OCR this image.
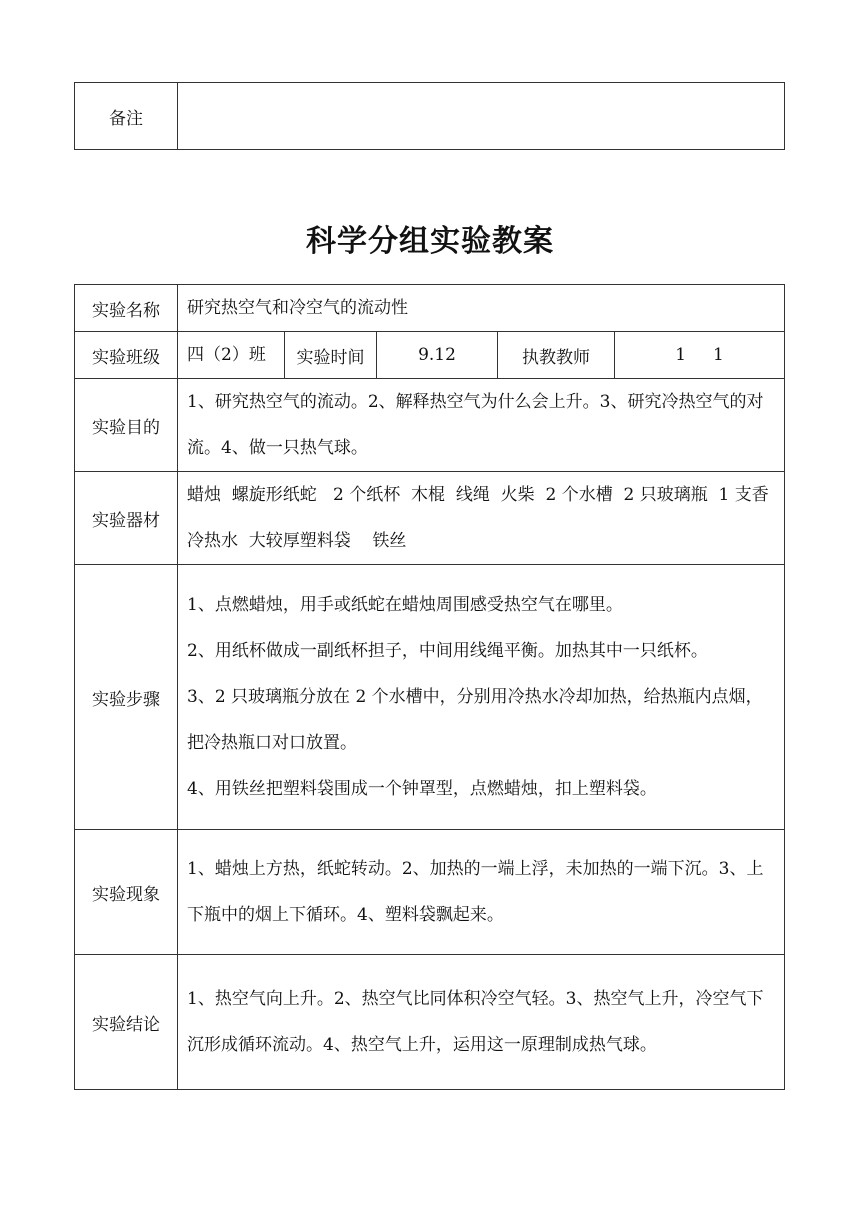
备注	
科学分组实验教案
实验名称	研究热空气和冷空气的流动性				
实验班级	四（2）班	实验时间	9.12	执教教师	1     1
实验目的	1、研究热空气的流动。2、解释热空气为什么会上升。3、研究冷热空气的对流。4、做一只热气球。				
实验器材	蜡烛  螺旋形纸蛇   2 个纸杯  木棍  线绳  火柴  2 个水槽  2 只玻璃瓶  1 支香  冷热水  大较厚塑料袋    铁丝				
实验步骤	1、点燃蜡烛，用手或纸蛇在蜡烛周围感受热空气在哪里。

2、用纸杯做成一副纸杯担子，中间用线绳平衡。加热其中一只纸杯。

3、2 只玻璃瓶分放在 2 个水槽中，分别用冷热水冷却加热，给热瓶内点烟，把冷热瓶口对口放置。

4、用铁丝把塑料袋围成一个钟罩型，点燃蜡烛，扣上塑料袋。				

实验现象	1、蜡烛上方热，纸蛇转动。2、加热的一端上浮，未加热的一端下沉。3、上下瓶中的烟上下循环。4、塑料袋飘起来。				
实验结论	1、热空气向上升。2、热空气比同体积冷空气轻。3、热空气上升，冷空气下沉形成循环流动。4、热空气上升，运用这一原理制成热气球。				
